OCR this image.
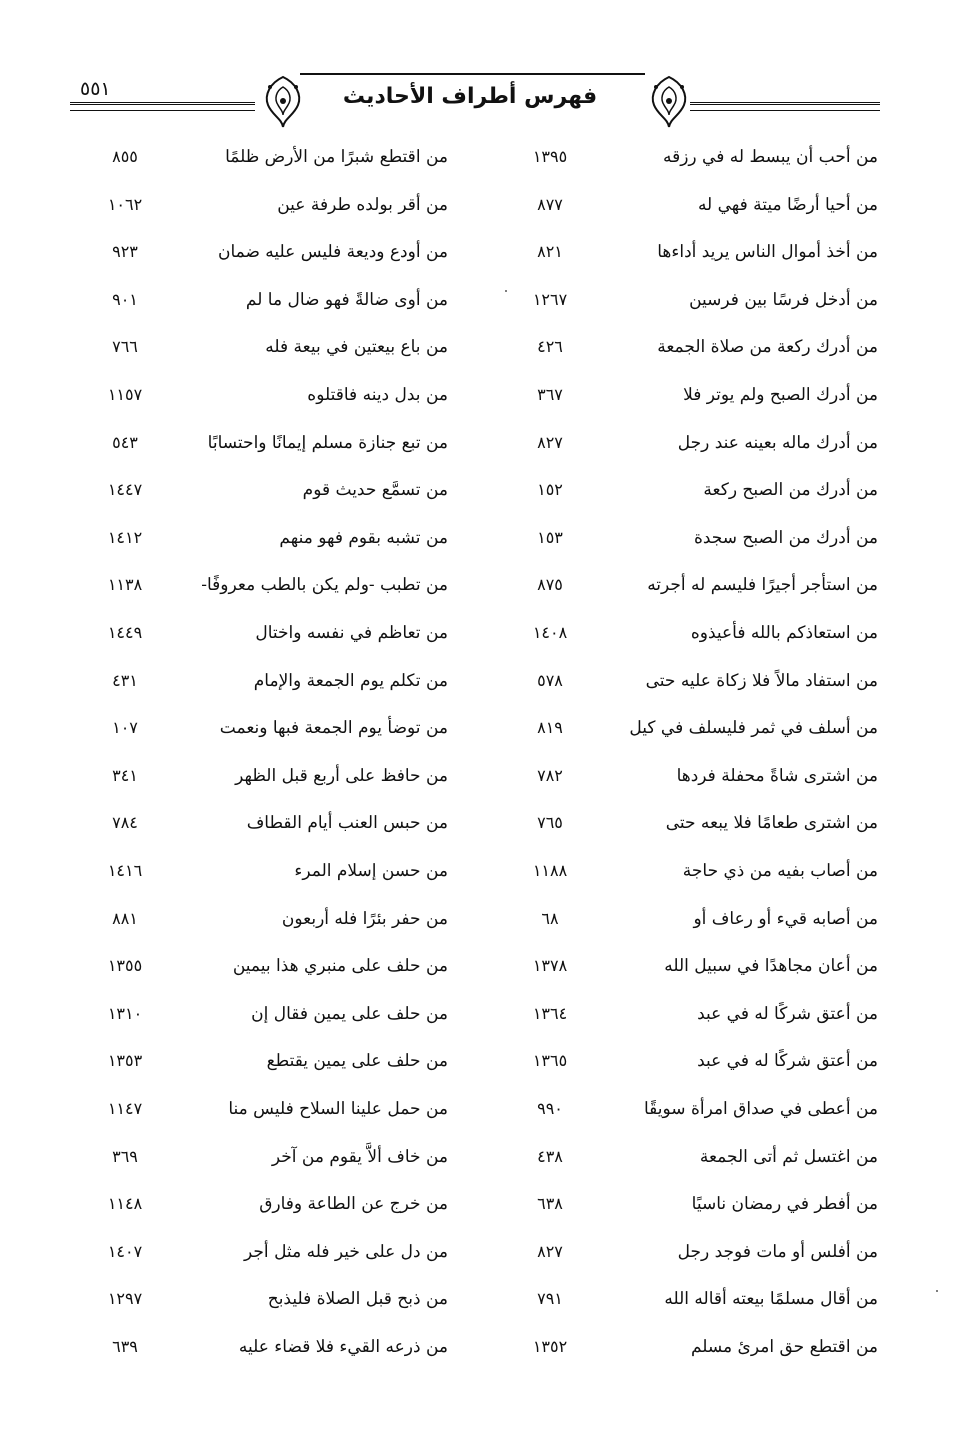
٥٥١	فهرس أطراف الأحاديث
من أحب أن يبسط له في رزقه
١٣٩٥
من أحيا أرضًا ميتة فهي له
٨٧٧
من أخذ أموال الناس يريد أداءها
٨٢١
من أدخل فرسًا بين فرسين
١٢٦٧
من أدرك ركعة من صلاة الجمعة
٤٢٦
من أدرك الصبح ولم يوتر فلا
٣٦٧
من أدرك ماله بعينه عند رجل
٨٢٧
من أدرك من الصبح ركعة
١٥٢
من أدرك من الصبح سجدة
١٥٣
من استأجر أجيرًا فليسم له أجرته
٨٧٥
من استعاذكم بالله فأعيذوه
١٤٠٨
من استفاد مالاً فلا زكاة عليه حتى
٥٧٨
من أسلف في ثمر فليسلف في كيل
٨١٩
من اشترى شاةً محفلة فردها
٧٨٢
من اشترى طعامًا فلا يبعه حتى
٧٦٥
من أصاب بفيه من ذي حاجة
١١٨٨
من أصابه قيء أو رعاف أو
٦٨
من أعان مجاهدًا في سبيل الله
١٣٧٨
من أعتق شركًا له في عبد
١٣٦٤
من أعتق شركًا له في عبد
١٣٦٥
من أعطى في صداق امرأة سويقًا
٩٩٠
من اغتسل ثم أتى الجمعة
٤٣٨
من أفطر في رمضان ناسيًا
٦٣٨
من أفلس أو مات فوجد رجل
٨٢٧
من أقال مسلمًا بيعته أقاله الله
٧٩١
من اقتطع حق امرئ مسلم
١٣٥٢
من اقتطع شبرًا من الأرض ظلمًا
٨٥٥
من أقر بولده طرفة عين
١٠٦٢
من أودع وديعة فليس عليه ضمان
٩٢٣
من أوى ضالةً فهو ضال ما لم
٩٠١
من باع بيعتين في بيعة فله
٧٦٦
من بدل دينه فاقتلوه
١١٥٧
من تبع جنازة مسلم إيمانًا واحتسابًا
٥٤٣
من تسمَّع حديث قوم
١٤٤٧
من تشبه بقوم فهو منهم
١٤١٢
من تطبب -ولم يكن بالطب معروفًا-
١١٣٨
من تعاظم في نفسه واختال
١٤٤٩
من تكلم يوم الجمعة والإمام
٤٣١
من توضأ يوم الجمعة فبها ونعمت
١٠٧
من حافظ على أربع قبل الظهر
٣٤١
من حبس العنب أيام القطاف
٧٨٤
من حسن إسلام المرء
١٤١٦
من حفر بئرًا فله أربعون
٨٨١
من حلف على منبري هذا بيمين
١٣٥٥
من حلف على يمين فقال إن
١٣١٠
من حلف على يمين يقتطع
١٣٥٣
من حمل علينا السلاح فليس منا
١١٤٧
من خاف ألاَّ يقوم من آخر
٣٦٩
من خرج عن الطاعة وفارق
١١٤٨
من دل على خير فله مثل أجر
١٤٠٧
من ذبح قبل الصلاة فليذبح
١٢٩٧
من ذرعه القيء فلا قضاء عليه
٦٣٩
